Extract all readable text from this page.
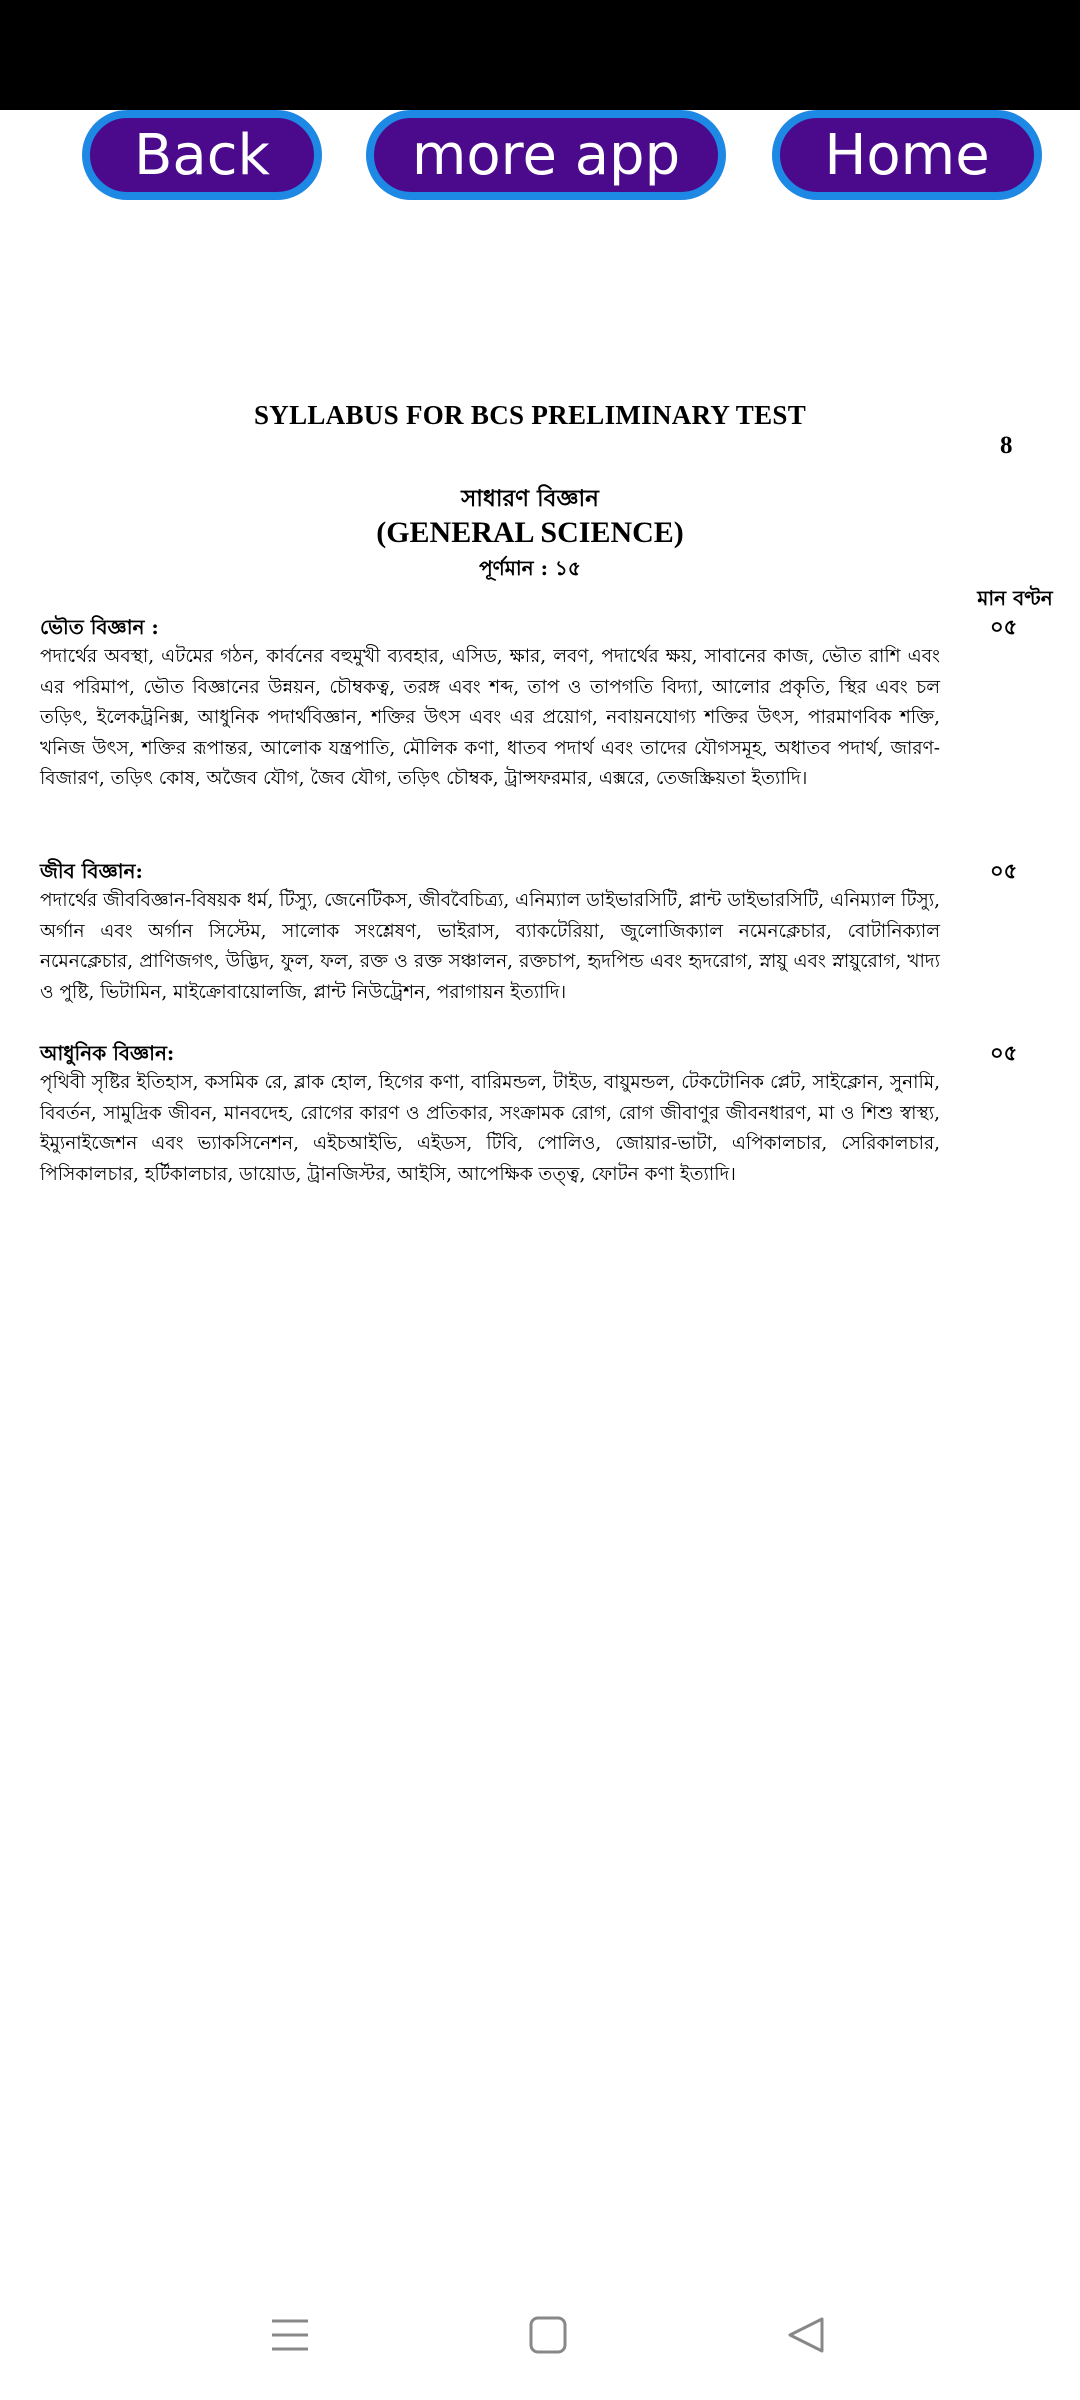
Back	more app	Home
SYLLABUS FOR BCS PRELIMINARY TEST
8
সাধারণ বিজ্ঞান
(GENERAL SCIENCE)
পূর্ণমান : ১৫
মান বণ্টন
ভৌত বিজ্ঞান :
পদার্থের অবস্থা, এটমের গঠন, কার্বনের বহুমুখী ব্যবহার, এসিড, ক্ষার, লবণ, পদার্থের ক্ষয়, সাবানের কাজ, ভৌত রাশি এবং এর পরিমাপ, ভৌত বিজ্ঞানের উন্নয়ন, চৌম্বকত্ব, তরঙ্গ এবং শব্দ, তাপ ও তাপগতি বিদ্যা, আলোর প্রকৃতি, স্থির এবং চল তড়িৎ, ইলেকট্রনিক্স, আধুনিক পদার্থবিজ্ঞান, শক্তির উৎস এবং এর প্রয়োগ, নবায়নযোগ্য শক্তির উৎস, পারমাণবিক শক্তি, খনিজ উৎস, শক্তির রূপান্তর, আলোক যন্ত্রপাতি, মৌলিক কণা, ধাতব পদার্থ এবং তাদের যৌগসমূহ, অধাতব পদার্থ, জারণ-বিজারণ, তড়িৎ কোষ, অজৈব যৌগ, জৈব যৌগ, তড়িৎ চৌম্বক, ট্রান্সফরমার, এক্সরে, তেজস্ক্রিয়তা ইত্যাদি।
০৫
জীব বিজ্ঞান:
পদার্থের জীববিজ্ঞান-বিষয়ক ধর্ম, টিস্যু, জেনেটিকস, জীববৈচিত্র্য, এনিম্যাল ডাইভারসিটি, প্লান্ট ডাইভারসিটি, এনিম্যাল টিস্যু, অর্গান এবং অর্গান সিস্টেম, সালোক সংশ্লেষণ, ভাইরাস, ব্যাকটেরিয়া, জুলোজিক্যাল নমেনক্লেচার, বোটানিক্যাল নমেনক্লেচার, প্রাণিজগৎ, উদ্ভিদ, ফুল, ফল, রক্ত ও রক্ত সঞ্চালন, রক্তচাপ, হৃদপিন্ড এবং হৃদরোগ, স্নায়ু এবং স্নায়ুরোগ, খাদ্য ও পুষ্টি, ভিটামিন, মাইক্রোবায়োলজি, প্লান্ট নিউট্রেশন, পরাগায়ন ইত্যাদি।
০৫
আধুনিক বিজ্ঞান:
পৃথিবী সৃষ্টির ইতিহাস, কসমিক রে, ব্লাক হোল, হিগের কণা, বারিমন্ডল, টাইড, বায়ুমন্ডল, টেকটোনিক প্লেট, সাইক্লোন, সুনামি, বিবর্তন, সামুদ্রিক জীবন, মানবদেহ, রোগের কারণ ও প্রতিকার, সংক্রামক রোগ, রোগ জীবাণুর জীবনধারণ, মা ও শিশু স্বাস্থ্য, ইম্যুনাইজেশন এবং ভ্যাকসিনেশন, এইচআইভি, এইডস, টিবি, পোলিও, জোয়ার-ভাটা, এপিকালচার, সেরিকালচার, পিসিকালচার, হর্টিকালচার, ডায়োড, ট্রানজিস্টর, আইসি, আপেক্ষিক তত্ত্ব, ফোটন কণা ইত্যাদি।
০৫
